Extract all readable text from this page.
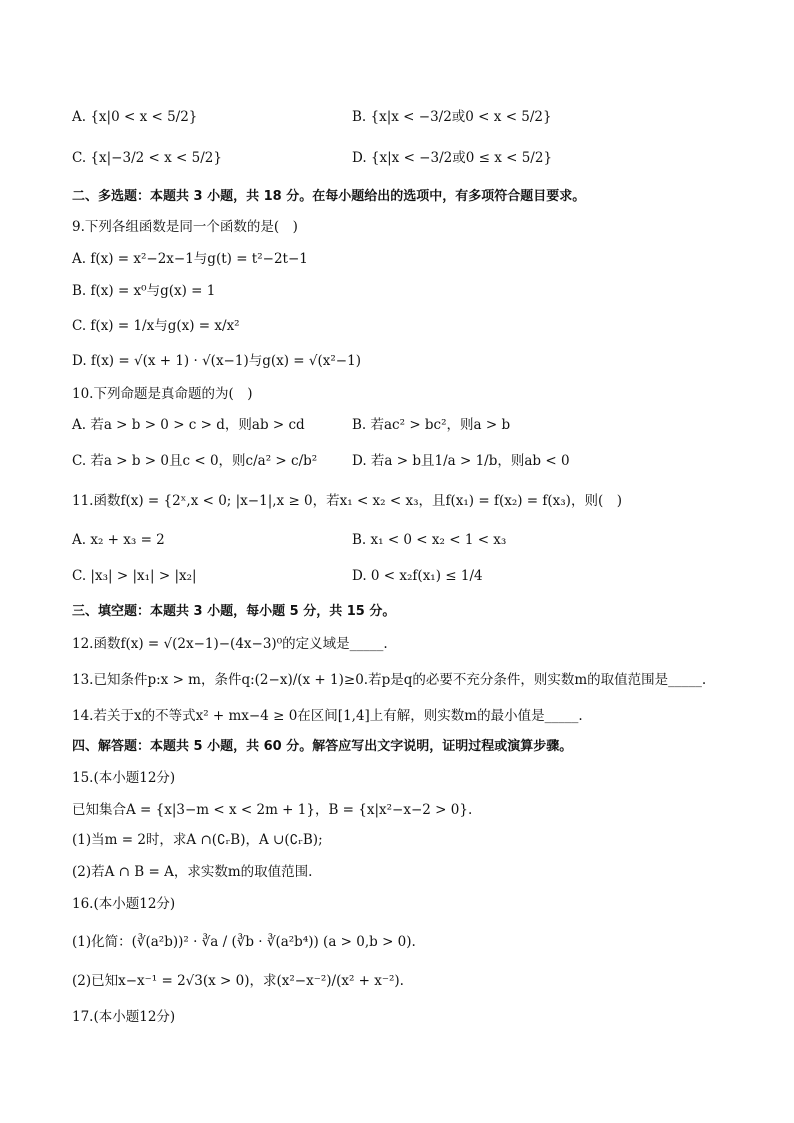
A. {x|0 < x < 5/2}	B. {x|x < −3/2或0 < x < 5/2}
C. {x|−3/2 < x < 5/2}	D. {x|x < −3/2或0 ≤ x < 5/2}
二、多选题：本题共 3 小题，共 18 分。在每小题给出的选项中，有多项符合题目要求。
9.下列各组函数是同一个函数的是(　)
A. f(x) = x²−2x−1与g(t) = t²−2t−1
B. f(x) = x⁰与g(x) = 1
C. f(x) = 1/x与g(x) = x/x²
D. f(x) = √(x + 1) · √(x−1)与g(x) = √(x²−1)
10.下列命题是真命题的为(　)
A. 若a > b > 0 > c > d，则ab > cd	B. 若ac² > bc²，则a > b
C. 若a > b > 0且c < 0，则c/a² > c/b²	D. 若a > b且1/a > 1/b，则ab < 0
11.函数f(x) = {2ˣ,x < 0; |x−1|,x ≥ 0，若x₁ < x₂ < x₃，且f(x₁) = f(x₂) = f(x₃)，则(　)
A. x₂ + x₃ = 2	B. x₁ < 0 < x₂ < 1 < x₃
C. |x₃| > |x₁| > |x₂|	D. 0 < x₂f(x₁) ≤ 1/4
三、填空题：本题共 3 小题，每小题 5 分，共 15 分。
12.函数f(x) = √(2x−1)−(4x−3)⁰的定义域是_____.
13.已知条件p:x > m，条件q:(2−x)/(x + 1)≥0.若p是q的必要不充分条件，则实数m的取值范围是_____.
14.若关于x的不等式x² + mx−4 ≥ 0在区间[1,4]上有解，则实数m的最小值是_____.
四、解答题：本题共 5 小题，共 60 分。解答应写出文字说明，证明过程或演算步骤。
15.(本小题12分)
已知集合A = {x|3−m < x < 2m + 1}，B = {x|x²−x−2 > 0}.
(1)当m = 2时，求A ∩(∁ᵣB)，A ∪(∁ᵣB);
(2)若A ∩ B = A，求实数m的取值范围.
16.(本小题12分)
(1)化简：(∛(a²b))² · ∛a / (∛b · ∛(a²b⁴)) (a > 0,b > 0).
(2)已知x−x⁻¹ = 2√3(x > 0)，求(x²−x⁻²)/(x² + x⁻²).
17.(本小题12分)
